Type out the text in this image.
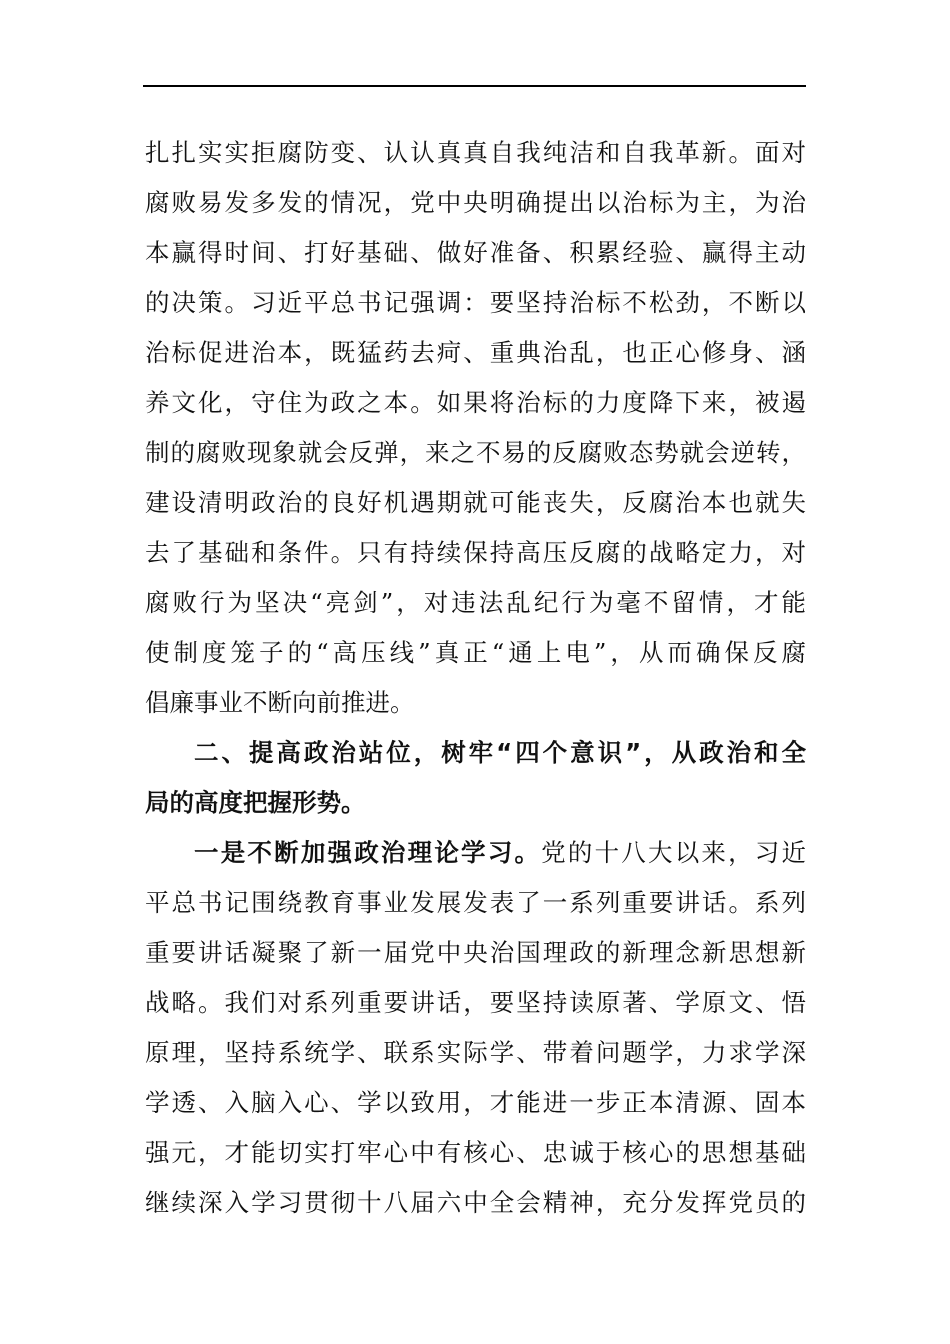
扎扎实实拒腐防变、认认真真自我纯洁和自我革新。面对
腐败易发多发的情况，党中央明确提出以治标为主，为治
本赢得时间、打好基础、做好准备、积累经验、赢得主动
的决策。习近平总书记强调：要坚持治标不松劲，不断以
治标促进治本，既猛药去疴、重典治乱，也正心修身、涵
养文化，守住为政之本。如果将治标的力度降下来，被遏
制的腐败现象就会反弹，来之不易的反腐败态势就会逆转，
建设清明政治的良好机遇期就可能丧失，反腐治本也就失
去了基础和条件。只有持续保持高压反腐的战略定力，对
腐败行为坚决“亮剑”，对违法乱纪行为毫不留情，才能
使制度笼子的“高压线”真正“通上电”，从而确保反腐
倡廉事业不断向前推进。
二、提高政治站位，树牢“四个意识”，从政治和全
局的高度把握形势。
一是不断加强政治理论学习。党的十八大以来，习近
平总书记围绕教育事业发展发表了一系列重要讲话。系列
重要讲话凝聚了新一届党中央治国理政的新理念新思想新
战略。我们对系列重要讲话，要坚持读原著、学原文、悟
原理，坚持系统学、联系实际学、带着问题学，力求学深
学透、入脑入心、学以致用，才能进一步正本清源、固本
强元，才能切实打牢心中有核心、忠诚于核心的思想基础
继续深入学习贯彻十八届六中全会精神，充分发挥党员的
